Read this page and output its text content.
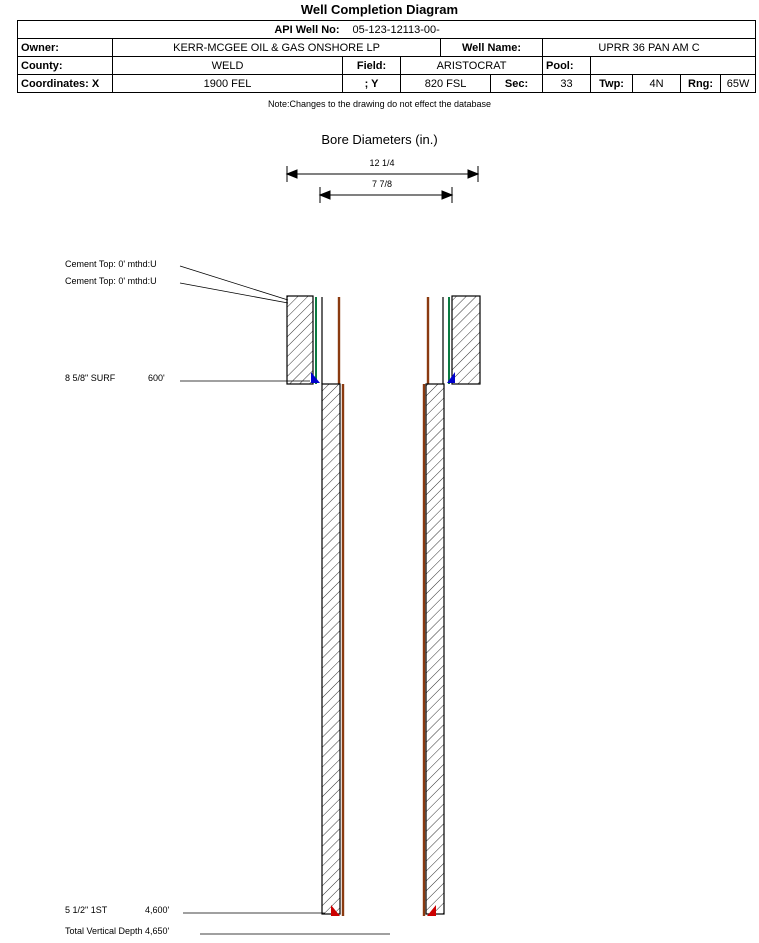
Well Completion Diagram
API Well No:		05-123-12113-00-								
Owner:	KERR-MCGEE OIL & GAS ONSHORE LP			Well Name:		UPRR 36 PAN AM C				
County:	WELD	Field:	ARISTOCRAT			Pool:				
Coordinates: X	1900 FEL	; Y	820 FSL		Sec:	33	Twp:	4N	Rng:	65W
Note:Changes to the drawing do not effect the database
Bore Diameters (in.)
12 1/4
7 7/8
Cement Top: 0' mthd:U
Cement Top: 0' mthd:U
8 5/8" SURF	600'
5 1/2" 1ST	4,600'
Total Vertical Depth 4,650'
